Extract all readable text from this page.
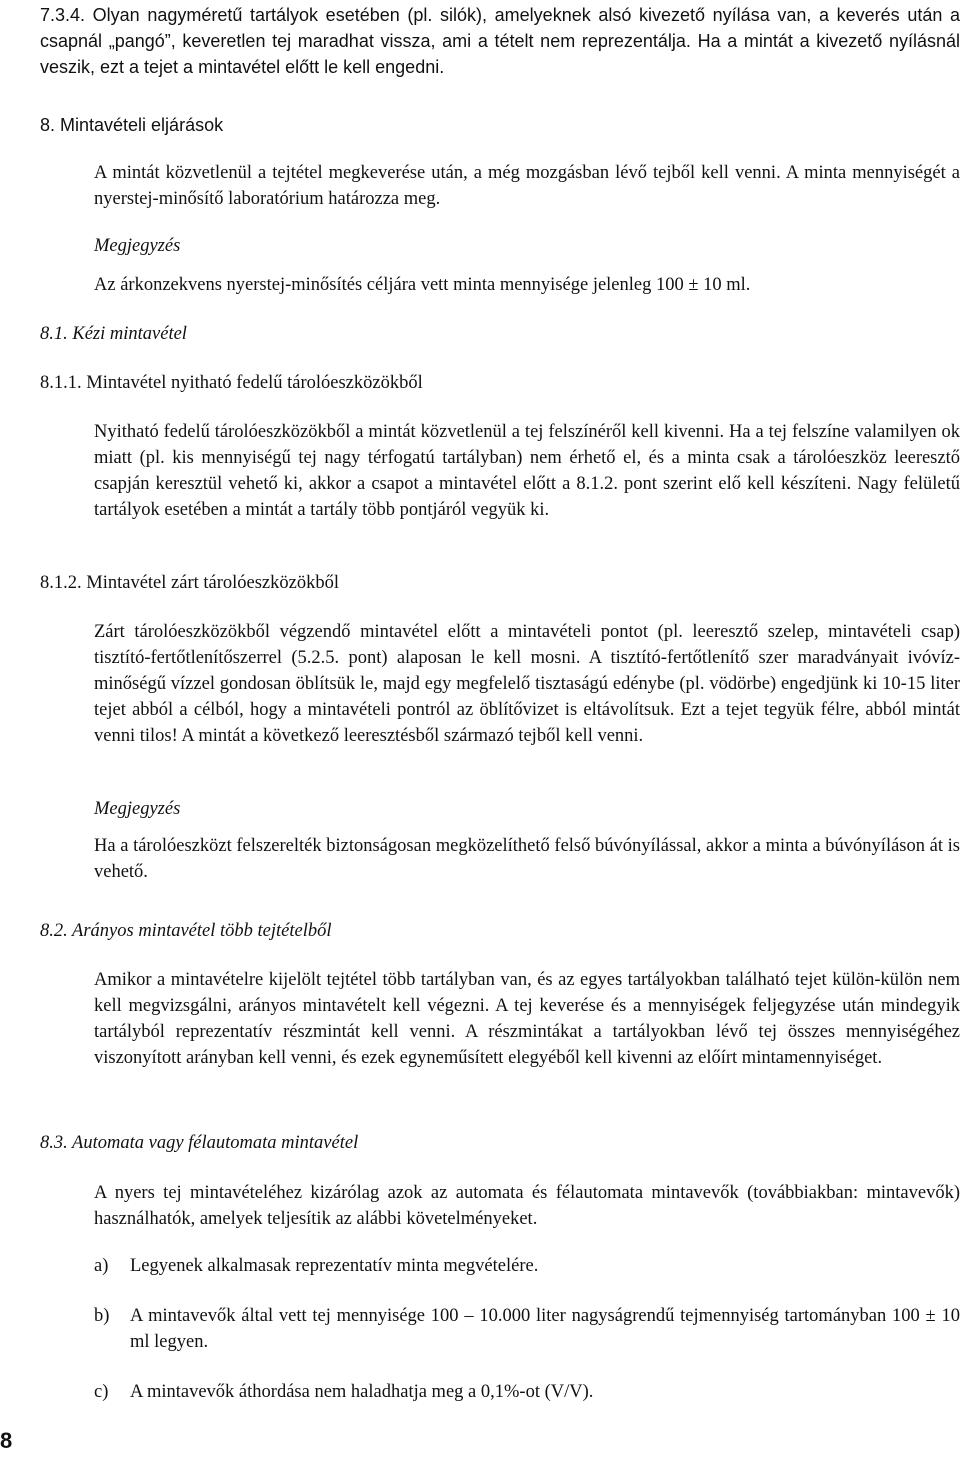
7.3.4. Olyan nagyméretű tartályok esetében (pl. silók), amelyeknek alsó kivezető nyílása van, a keverés után a csapnál „pangó”, keveretlen tej maradhat vissza, ami a tételt nem reprezentálja. Ha a mintát a kivezető nyílásnál veszik, ezt a tejet a mintavétel előtt le kell engedni.
8. Mintavételi eljárások
A mintát közvetlenül a tejtétel megkeverése után, a még mozgásban lévő tejből kell venni. A minta mennyiségét a nyerstej-minősítő laboratórium határozza meg.
Megjegyzés
Az árkonzekvens nyerstej-minősítés céljára vett minta mennyisége jelenleg 100 ± 10 ml.
8.1. Kézi mintavétel
8.1.1. Mintavétel nyitható fedelű tárolóeszközökből
Nyitható fedelű tárolóeszközökből a mintát közvetlenül a tej felszínéről kell kivenni. Ha a tej felszíne valamilyen ok miatt (pl. kis mennyiségű tej nagy térfogatú tartályban) nem érhető el, és a minta csak a tárolóeszköz leeresztő csapján keresztül vehető ki, akkor a csapot a mintavétel előtt a 8.1.2. pont szerint elő kell készíteni. Nagy felületű tartályok esetében a mintát a tartály több pontjáról vegyük ki.
8.1.2. Mintavétel zárt tárolóeszközökből
Zárt tárolóeszközökből végzendő mintavétel előtt a mintavételi pontot (pl. leeresztő szelep, mintavételi csap) tisztító-fertőtlenítőszerrel (5.2.5. pont) alaposan le kell mosni. A tisztító-fertőtlenítő szer maradványait ivóvíz-minőségű vízzel gondosan öblítsük le, majd egy megfelelő tisztaságú edénybe (pl. vödörbe) engedjünk ki 10-15 liter tejet abból a célból, hogy a mintavételi pontról az öblítővizet is eltávolítsuk. Ezt a tejet tegyük félre, abból mintát venni tilos! A mintát a következő leeresztésből származó tejből kell venni.
Megjegyzés
Ha a tárolóeszközt felszerelték biztonságosan megközelíthető felső búvónyílással, akkor a minta a búvónyíláson át is vehető.
8.2. Arányos mintavétel több tejtételből
Amikor a mintavételre kijelölt tejtétel több tartályban van, és az egyes tartályokban található tejet külön-külön nem kell megvizsgálni, arányos mintavételt kell végezni. A tej keverése és a mennyiségek feljegyzése után mindegyik tartályból reprezentatív részmintát kell venni. A részmintákat a tartályokban lévő tej összes mennyiségéhez viszonyított arányban kell venni, és ezek egyneműsített elegyéből kell kivenni az előírt mintamennyiséget.
8.3. Automata vagy félautomata mintavétel
A nyers tej mintavételéhez kizárólag azok az automata és félautomata mintavevők (továbbiakban: mintavevők) használhatók, amelyek teljesítik az alábbi követelményeket.
a) Legyenek alkalmasak reprezentatív minta megvételére.
b) A mintavevők által vett tej mennyisége 100 – 10.000 liter nagyságrendű tejmennyiség tartományban 100 ± 10 ml legyen.
c) A mintavevők áthordása nem haladhatja meg a 0,1%-ot (V/V).
8
